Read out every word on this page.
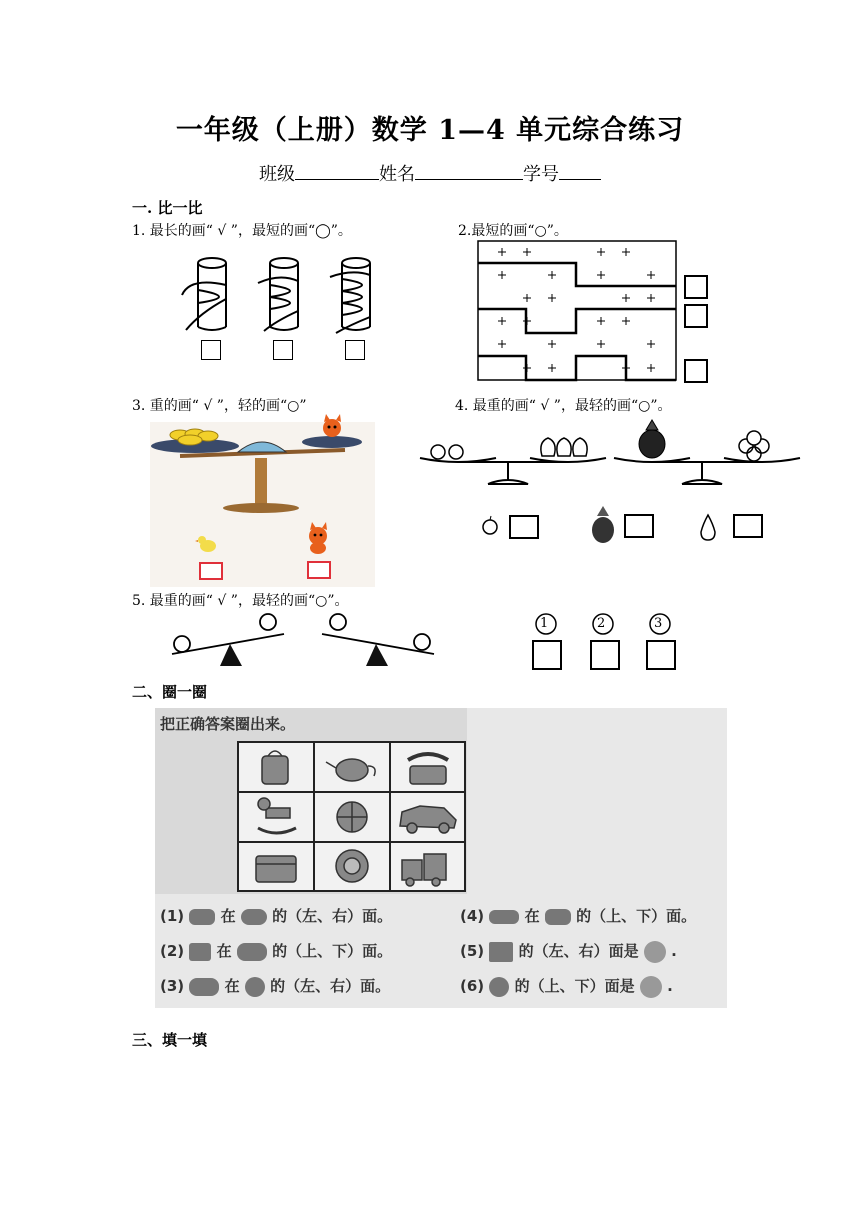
一年级（上册）数学 1—4 单元综合练习
班级	姓名	学号
一. 比一比
1. 最长的画“ √ ”，最短的画“◯”。	2.最短的画“○”。
3. 重的画“ √ ”，轻的画“○”	4. 最重的画“ √ ”，最轻的画“○”。
5. 最重的画“ √ ”，最轻的画“○”。
1	2	3
二、圈一圈
把正确答案圈出来。
(1) 在 的（左、右）面。
(2) 在	的（上、下）面。
(3)	在 的（左、右）面。
(4)	在 的（上、下）面。
(5) 的（左、右）面是 .
(6) 的（上、下）面是 .
三、填一填
